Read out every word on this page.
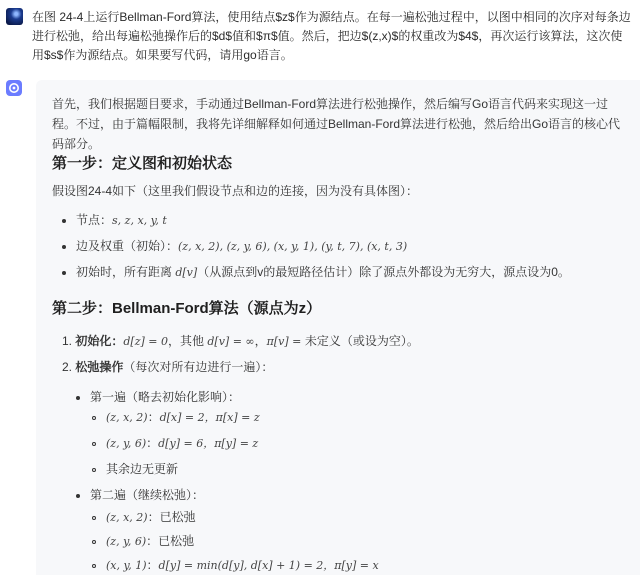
在图 24-4上运行Bellman-Ford算法，使用结点$z$作为源结点。在每一遍松弛过程中，以图中相同的次序对每条边进行松弛，给出每遍松弛操作后的$d$值和$π$值。然后，把边$(z,x)$的权重改为$4$，再次运行该算法，这次使用$s$作为源结点。如果要写代码，请用go语言。
首先，我们根据题目要求，手动通过Bellman-Ford算法进行松弛操作，然后编写Go语言代码来实现这一过程。不过，由于篇幅限制，我将先详细解释如何通过Bellman-Ford算法进行松弛，然后给出Go语言的核心代码部分。
第一步：定义图和初始状态
假设图24-4如下（这里我们假设节点和边的连接，因为没有具体图）：
节点：s, z, x, y, t
边及权重（初始）：(z, x, 2), (z, y, 6), (x, y, 1), (y, t, 7), (x, t, 3)
初始时，所有距离 d[v]（从源点到v的最短路径估计）除了源点外都设为无穷大，源点设为0。
第二步：Bellman-Ford算法（源点为z）
1. 初始化：d[z] = 0，其他 d[v] = ∞，π[v] = 未定义（或设为空）。
2. 松弛操作（每次对所有边进行一遍）：
第一遍（略去初始化影响）：
(z, x, 2)：d[x] = 2，π[x] = z
(z, y, 6)：d[y] = 6，π[y] = z
其余边无更新
第二遍（继续松弛）：
(z, x, 2)：已松弛
(z, y, 6)：已松弛
(x, y, 1)：d[y] = min(d[y], d[x] + 1) = 2，π[y] = x
